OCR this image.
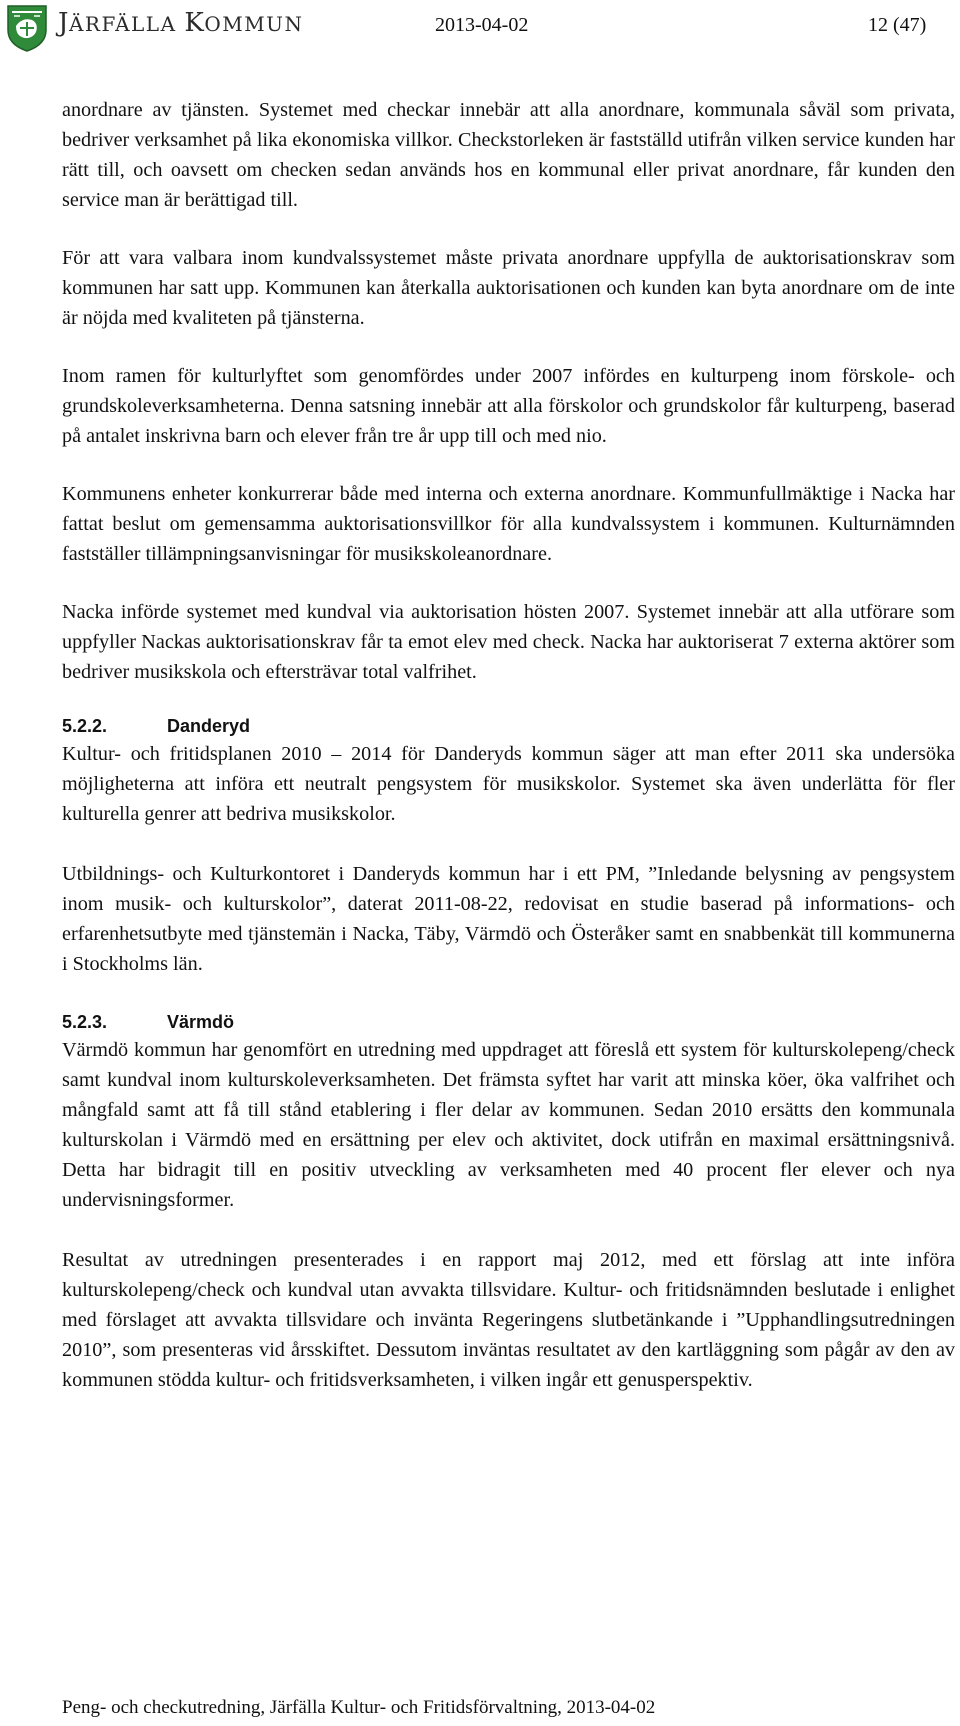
JÄRFÄLLA KOMMUN	2013-04-02	12 (47)

anordnare av tjänsten. Systemet med checkar innebär att alla anordnare, kommunala såväl som privata, bedriver verksamhet på lika ekonomiska villkor. Checkstorleken är fastställd utifrån vilken service kunden har rätt till, och oavsett om checken sedan används hos en kommunal eller privat anordnare, får kunden den service man är berättigad till.

För att vara valbara inom kundvalssystemet måste privata anordnare uppfylla de auktorisationskrav som kommunen har satt upp. Kommunen kan återkalla auktorisationen och kunden kan byta anordnare om de inte är nöjda med kvaliteten på tjänsterna.

Inom ramen för kulturlyftet som genomfördes under 2007 infördes en kulturpeng inom förskole- och grundskoleverksamheterna. Denna satsning innebär att alla förskolor och grundskolor får kulturpeng, baserad på antalet inskrivna barn och elever från tre år upp till och med nio.

Kommunens enheter konkurrerar både med interna och externa anordnare. Kommunfullmäktige i Nacka har fattat beslut om gemensamma auktorisationsvillkor för alla kundvalssystem i kommunen. Kulturnämnden fastställer tillämpningsanvisningar för musikskoleanordnare.

Nacka införde systemet med kundval via auktorisation hösten 2007. Systemet innebär att alla utförare som uppfyller Nackas auktorisationskrav får ta emot elev med check. Nacka har auktoriserat 7 externa aktörer som bedriver musikskola och eftersträvar total valfrihet.

5.2.2.	Danderyd

Kultur- och fritidsplanen 2010 – 2014 för Danderyds kommun säger att man efter 2011 ska undersöka möjligheterna att införa ett neutralt pengsystem för musikskolor. Systemet ska även underlätta för fler kulturella genrer att bedriva musikskolor.

Utbildnings- och Kulturkontoret i Danderyds kommun har i ett PM, ”Inledande belysning av pengsystem inom musik- och kulturskolor”, daterat 2011-08-22, redovisat en studie baserad på informations- och erfarenhetsutbyte med tjänstemän i Nacka, Täby, Värmdö och Österåker samt en snabbenkät till kommunerna i Stockholms län.

5.2.3.	Värmdö

Värmdö kommun har genomfört en utredning med uppdraget att föreslå ett system för kulturskolepeng/check samt kundval inom kulturskoleverksamheten. Det främsta syftet har varit att minska köer, öka valfrihet och mångfald samt att få till stånd etablering i fler delar av kommunen. Sedan 2010 ersätts den kommunala kulturskolan i Värmdö med en ersättning per elev och aktivitet, dock utifrån en maximal ersättningsnivå. Detta har bidragit till en positiv utveckling av verksamheten med 40 procent fler elever och nya undervisningsformer.

Resultat av utredningen presenterades i en rapport maj 2012, med ett förslag att inte införa kulturskolepeng/check och kundval utan avvakta tillsvidare. Kultur- och fritidsnämnden beslutade i enlighet med förslaget att avvakta tillsvidare och invänta Regeringens slutbetänkande i ”Upphandlingsutredningen 2010”, som presenteras vid årsskiftet. Dessutom inväntas resultatet av den kartläggning som pågår av den av kommunen stödda kultur- och fritidsverksamheten, i vilken ingår ett genusperspektiv.

Peng- och checkutredning, Järfälla Kultur- och Fritidsförvaltning, 2013-04-02
